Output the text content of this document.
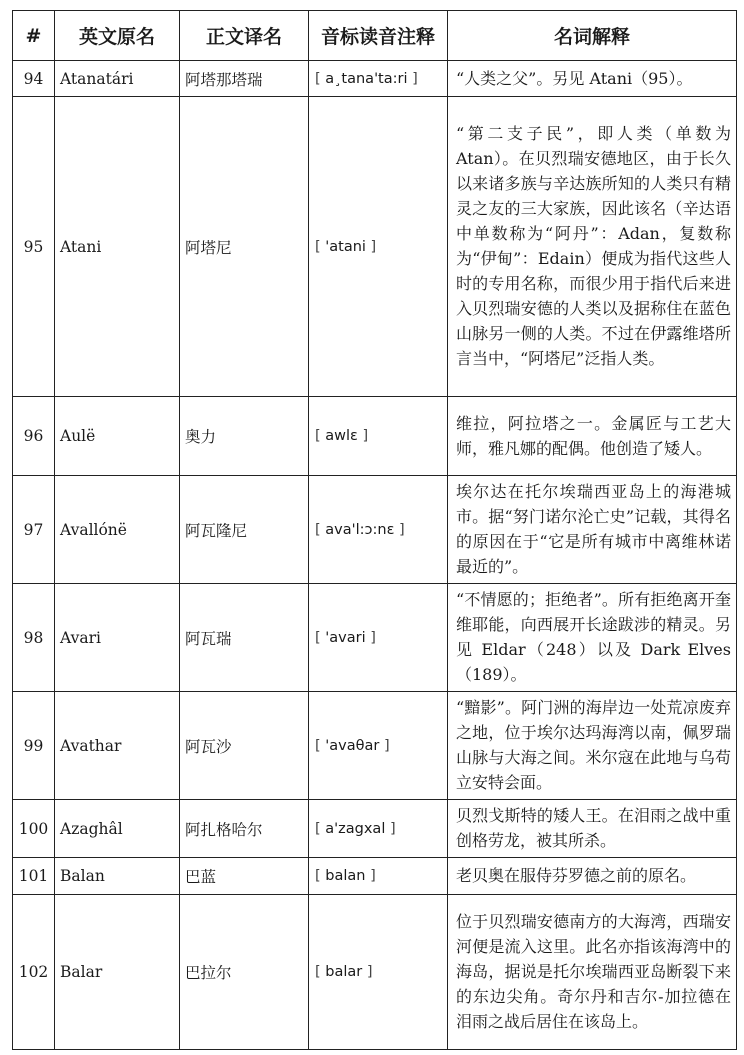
#	英文原名	正文译名	音标读音注释	名词解释
94	Atanatári	阿塔那塔瑞	[ a¸tana'ta:ri ]	“人类之父”。另见 Atani（95）。
95	Atani	阿塔尼	[ 'atani ]	“第二支子民”，即人类（单数为Atan）。在贝烈瑞安德地区，由于长久以来诸多族与辛达族所知的人类只有精灵之友的三大家族，因此该名（辛达语中单数称为“阿丹”：Adan，复数称为“伊甸”：Edain）便成为指代这些人时的专用名称，而很少用于指代后来进入贝烈瑞安德的人类以及据称住在蓝色山脉另一侧的人类。不过在伊露维塔所言当中，“阿塔尼”泛指人类。
96	Aulë	奥力	[ awlɛ ]	维拉，阿拉塔之一。金属匠与工艺大师，雅凡娜的配偶。他创造了矮人。
97	Avallónë	阿瓦隆尼	[ ava'l:ɔ:nɛ ]	埃尔达在托尔埃瑞西亚岛上的海港城市。据“努门诺尔沦亡史”记载，其得名的原因在于“它是所有城市中离维林诺最近的”。
98	Avari	阿瓦瑞	[ 'avari ]	“不情愿的；拒绝者”。所有拒绝离开奎维耶能，向西展开长途跋涉的精灵。另见 Eldar（248）以及 Dark Elves（189）。
99	Avathar	阿瓦沙	[ 'avaθar ]	“黯影”。阿门洲的海岸边一处荒凉废弃之地，位于埃尔达玛海湾以南，佩罗瑞山脉与大海之间。米尔寇在此地与乌苟立安特会面。
100	Azaghâl	阿扎格哈尔	[ a'zagxal ]	贝烈戈斯特的矮人王。在泪雨之战中重创格劳龙，被其所杀。
101	Balan	巴蓝	[ balan ]	老贝奥在服侍芬罗德之前的原名。
102	Balar	巴拉尔	[ balar ]	位于贝烈瑞安德南方的大海湾，西瑞安河便是流入这里。此名亦指该海湾中的海岛，据说是托尔埃瑞西亚岛断裂下来的东边尖角。奇尔丹和吉尔-加拉德在泪雨之战后居住在该岛上。
